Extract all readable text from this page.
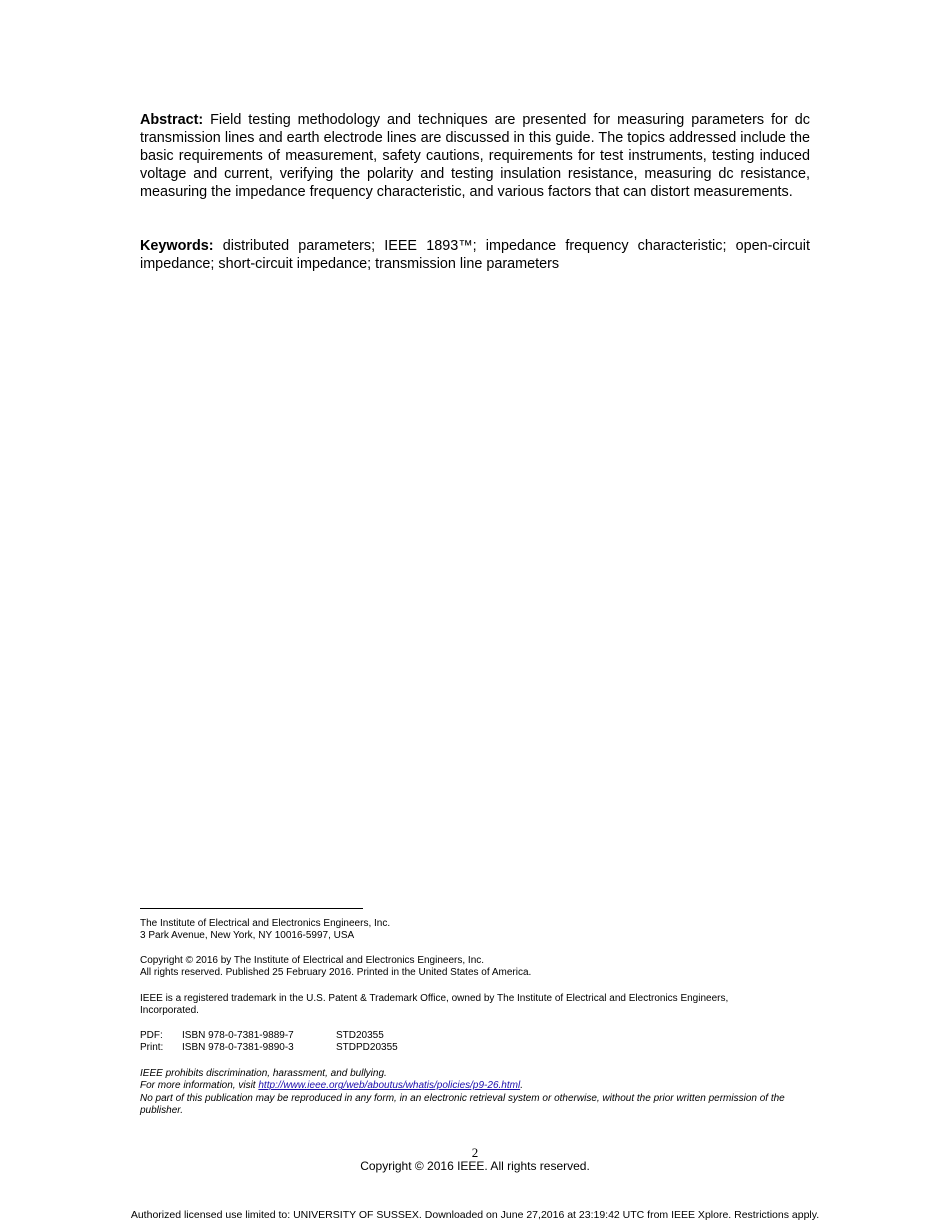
Abstract: Field testing methodology and techniques are presented for measuring parameters for dc transmission lines and earth electrode lines are discussed in this guide. The topics addressed include the basic requirements of measurement, safety cautions, requirements for test instruments, testing induced voltage and current, verifying the polarity and testing insulation resistance, measuring dc resistance, measuring the impedance frequency characteristic, and various factors that can distort measurements.

Keywords: distributed parameters; IEEE 1893™; impedance frequency characteristic; open-circuit impedance; short-circuit impedance; transmission line parameters

The Institute of Electrical and Electronics Engineers, Inc.
3 Park Avenue, New York, NY 10016-5997, USA
Copyright © 2016 by The Institute of Electrical and Electronics Engineers, Inc.
All rights reserved. Published 25 February 2016. Printed in the United States of America.
IEEE is a registered trademark in the U.S. Patent & Trademark Office, owned by The Institute of Electrical and Electronics Engineers, Incorporated.
PDF:	ISBN 978-0-7381-9889-7	STD20355
Print:	ISBN 978-0-7381-9890-3	STDPD20355
IEEE prohibits discrimination, harassment, and bullying.
For more information, visit http://www.ieee.org/web/aboutus/whatis/policies/p9-26.html.
No part of this publication may be reproduced in any form, in an electronic retrieval system or otherwise, without the prior written permission of the publisher.
2
Copyright © 2016 IEEE. All rights reserved.
Authorized licensed use limited to: UNIVERSITY OF SUSSEX. Downloaded on June 27,2016 at 23:19:42 UTC from IEEE Xplore. Restrictions apply.
